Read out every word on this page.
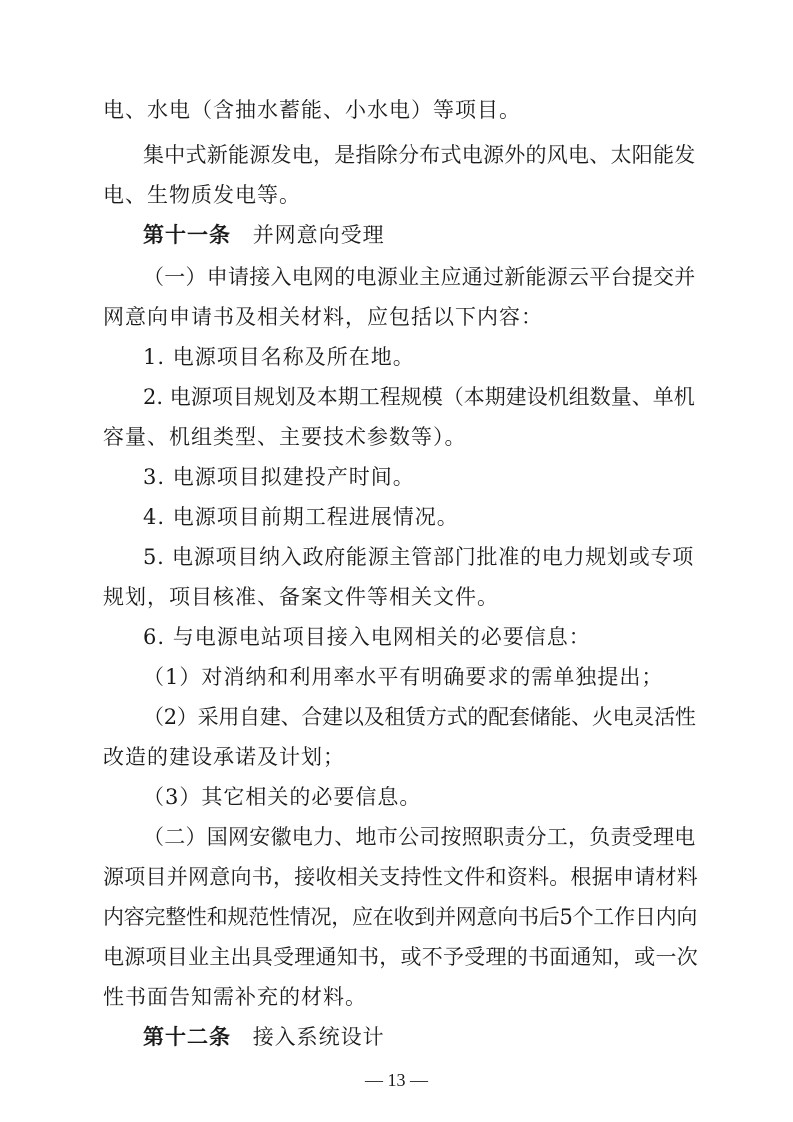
电、水电（含抽水蓄能、小水电）等项目。
集中式新能源发电，是指除分布式电源外的风电、太阳能发
电、生物质发电等。
第十一条 并网意向受理
（一）申请接入电网的电源业主应通过新能源云平台提交并
网意向申请书及相关材料，应包括以下内容：
1. 电源项目名称及所在地。
2. 电源项目规划及本期工程规模（本期建设机组数量、单机
容量、机组类型、主要技术参数等）。
3. 电源项目拟建投产时间。
4. 电源项目前期工程进展情况。
5. 电源项目纳入政府能源主管部门批准的电力规划或专项
规划，项目核准、备案文件等相关文件。
6. 与电源电站项目接入电网相关的必要信息：
（1）对消纳和利用率水平有明确要求的需单独提出；
（2）采用自建、合建以及租赁方式的配套储能、火电灵活性
改造的建设承诺及计划；
（3）其它相关的必要信息。
（二）国网安徽电力、地市公司按照职责分工，负责受理电
源项目并网意向书，接收相关支持性文件和资料。根据申请材料
内容完整性和规范性情况，应在收到并网意向书后5个工作日内向
电源项目业主出具受理通知书，或不予受理的书面通知，或一次
性书面告知需补充的材料。
第十二条 接入系统设计
— 13 —
